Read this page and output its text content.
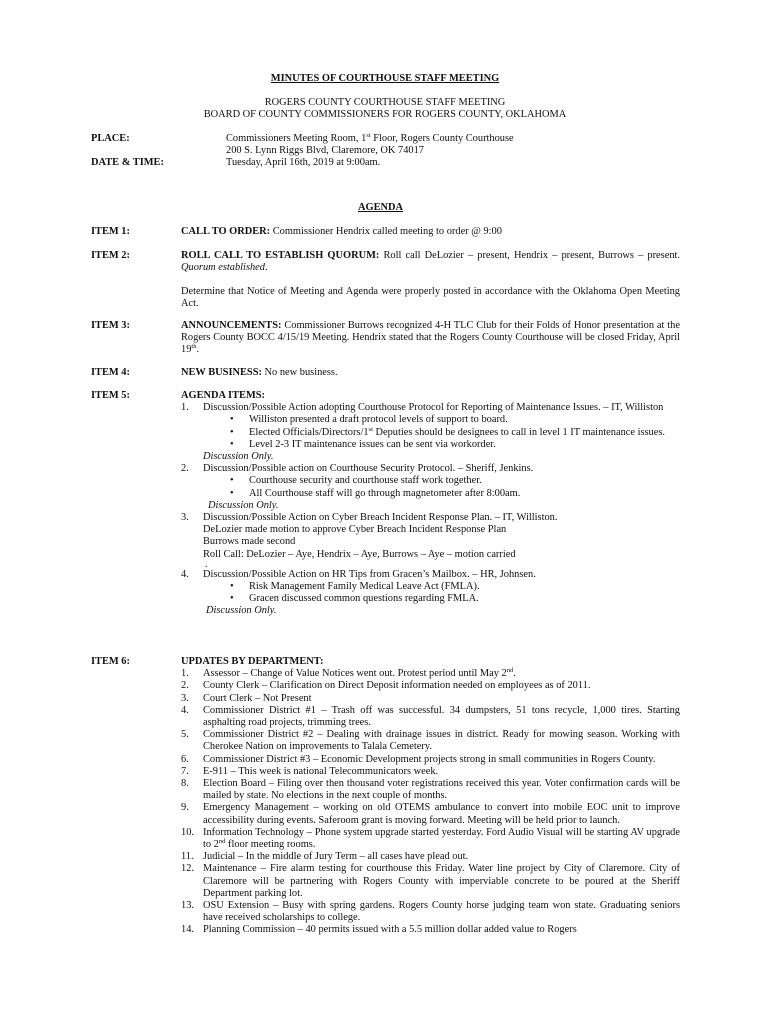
MINUTES OF COURTHOUSE STAFF MEETING
ROGERS COUNTY COURTHOUSE STAFF MEETING
BOARD OF COUNTY COMMISSIONERS FOR ROGERS COUNTY, OKLAHOMA
PLACE:	Commissioners Meeting Room, 1st Floor, Rogers County Courthouse
200 S. Lynn Riggs Blvd, Claremore, OK 74017
DATE & TIME:	Tuesday, April 16th, 2019 at 9:00am.
AGENDA
ITEM 1:	CALL TO ORDER: Commissioner Hendrix called meeting to order @ 9:00
ITEM 2:	ROLL CALL TO ESTABLISH QUORUM: Roll call DeLozier – present, Hendrix – present, Burrows – present. Quorum established.
Determine that Notice of Meeting and Agenda were properly posted in accordance with the Oklahoma Open Meeting Act.
ITEM 3:	ANNOUNCEMENTS: Commissioner Burrows recognized 4-H TLC Club for their Folds of Honor presentation at the Rogers County BOCC 4/15/19 Meeting. Hendrix stated that the Rogers County Courthouse will be closed Friday, April 19th.
ITEM 4:	NEW BUSINESS: No new business.
ITEM 5:	AGENDA ITEMS:
1. Discussion/Possible Action adopting Courthouse Protocol for Reporting of Maintenance Issues. – IT, Williston
• Williston presented a draft protocol levels of support to board.
• Elected Officials/Directors/1st Deputies should be designees to call in level 1 IT maintenance issues.
• Level 2-3 IT maintenance issues can be sent via workorder.
Discussion Only.
2. Discussion/Possible action on Courthouse Security Protocol. – Sheriff, Jenkins.
• Courthouse security and courthouse staff work together.
• All Courthouse staff will go through magnetometer after 8:00am.
Discussion Only.
3. Discussion/Possible Action on Cyber Breach Incident Response Plan. – IT, Williston.
DeLozier made motion to approve Cyber Breach Incident Response Plan
Burrows made second
Roll Call: DeLozier – Aye, Hendrix – Aye, Burrows – Aye – motion carried
.
4. Discussion/Possible Action on HR Tips from Gracen’s Mailbox. – HR, Johnsen.
• Risk Management Family Medical Leave Act (FMLA).
• Gracen discussed common questions regarding FMLA.
Discussion Only.
ITEM 6:	UPDATES BY DEPARTMENT:
1. Assessor – Change of Value Notices went out. Protest period until May 2nd.
2. County Clerk – Clarification on Direct Deposit information needed on employees as of 2011.
3. Court Clerk – Not Present
4. Commissioner District #1 – Trash off was successful. 34 dumpsters, 51 tons recycle, 1,000 tires. Starting asphalting road projects, trimming trees.
5. Commissioner District #2 – Dealing with drainage issues in district. Ready for mowing season. Working with Cherokee Nation on improvements to Talala Cemetery.
6. Commissioner District #3 – Economic Development projects strong in small communities in Rogers County.
7. E-911 – This week is national Telecommunicators week.
8. Election Board – Filing over then thousand voter registrations received this year. Voter confirmation cards will be mailed by state. No elections in the next couple of months.
9. Emergency Management – working on old OTEMS ambulance to convert into mobile EOC unit to improve accessibility during events. Saferoom grant is moving forward. Meeting will be held prior to launch.
10. Information Technology – Phone system upgrade started yesterday. Ford Audio Visual will be starting AV upgrade to 2nd floor meeting rooms.
11. Judicial – In the middle of Jury Term – all cases have plead out.
12. Maintenance – Fire alarm testing for courthouse this Friday. Water line project by City of Claremore. City of Claremore will be partnering with Rogers County with imperviable concrete to be poured at the Sheriff Department parking lot.
13. OSU Extension – Busy with spring gardens. Rogers County horse judging team won state. Graduating seniors have received scholarships to college.
14. Planning Commission – 40 permits issued with a 5.5 million dollar added value to Rogers
